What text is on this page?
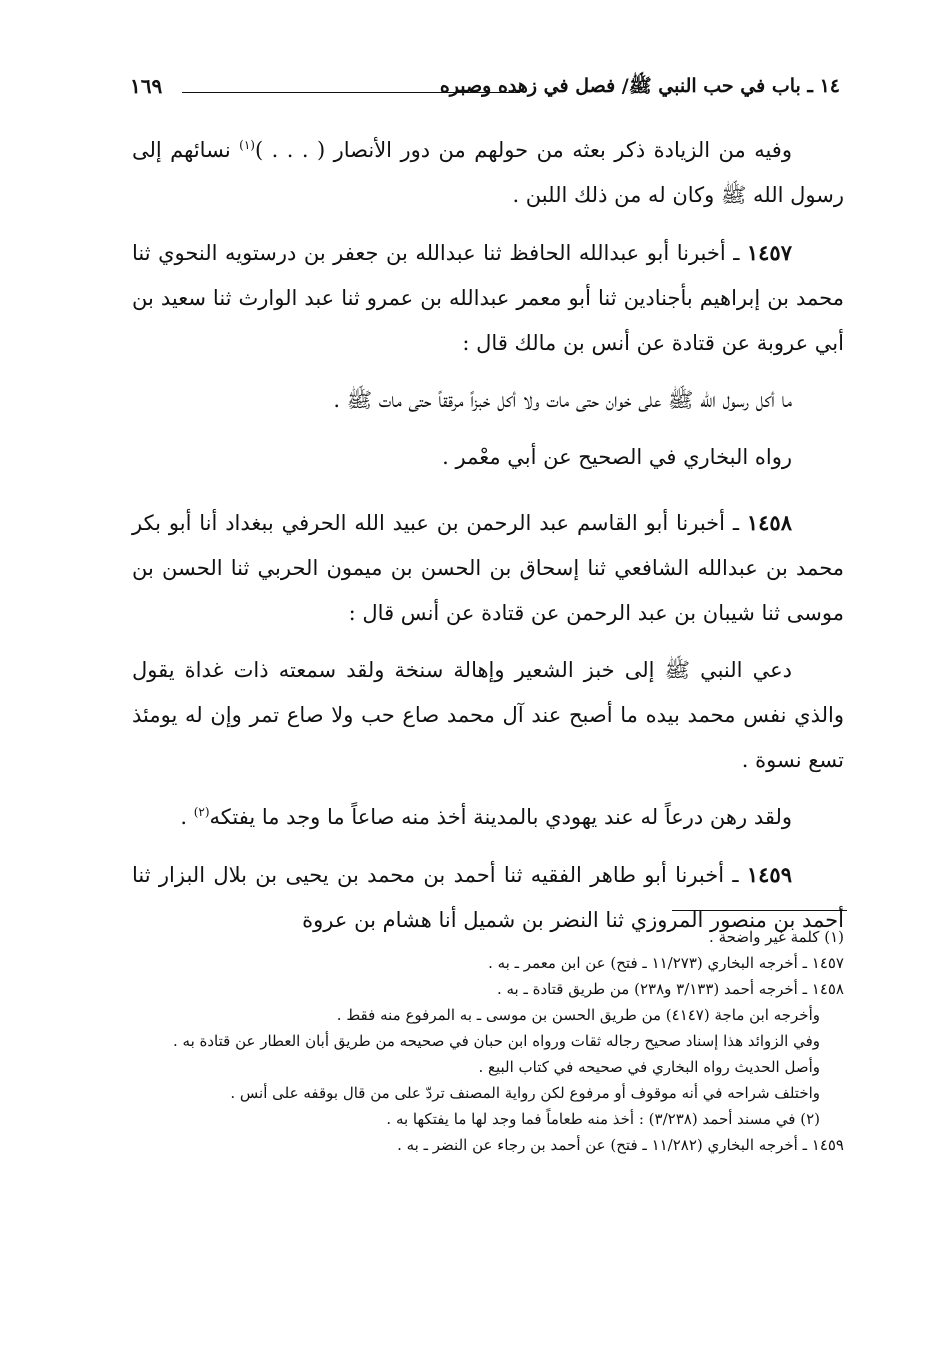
١٤ ـ باب في حب النبي ﷺ/ فصل في زهده وصبره
١٦٩

وفيه من الزيادة ذكر بعثه من حولهم من دور الأنصار ( . . . )$^{(١)}$ نسائهم إلى رسول الله ﷺ وكان له من ذلك اللبن .

١٤٥٧ ـ أخبرنا أبو عبدالله الحافظ ثنا عبدالله بن جعفر بن درستويه النحوي ثنا محمد بن إبراهيم بأجنادين ثنا أبو معمر عبدالله بن عمرو ثنا عبد الوارث ثنا سعيد بن أبي عروبة عن قتادة عن أنس بن مالك قال :

ما أكل رسول الله ﷺ على خوان حتى مات ولا أكل خبزاً مرققاً حتى مات ﷺ .

رواه البخاري في الصحيح عن أبي معْمر .

١٤٥٨ ـ أخبرنا أبو القاسم عبد الرحمن بن عبيد الله الحرفي ببغداد أنا أبو بكر محمد بن عبدالله الشافعي ثنا إسحاق بن الحسن بن ميمون الحربي ثنا الحسن بن موسى ثنا شيبان بن عبد الرحمن عن قتادة عن أنس قال :

دعي النبي ﷺ إلى خبز الشعير وإهالة سنخة ولقد سمعته ذات غداة يقول والذي نفس محمد بيده ما أصبح عند آل محمد صاع حب ولا صاع تمر وإن له يومئذ تسع نسوة .

ولقد رهن درعاً له عند يهودي بالمدينة أخذ منه صاعاً ما وجد ما يفتكه$^{(٢)}$ .

١٤٥٩ ـ أخبرنا أبو طاهر الفقيه ثنا أحمد بن محمد بن يحيى بن بلال البزار ثنا أحمد بن منصور المروزي ثنا النضر بن شميل أنا هشام بن عروة

(١) كلمة غير واضحة .

١٤٥٧ ـ أخرجه البخاري (١١/٢٧٣ ـ فتح) عن ابن معمر ـ به .

١٤٥٨ ـ أخرجه أحمد (٣/١٣٣ و٢٣٨) من طريق قتادة ـ به .

وأخرجه ابن ماجة (٤١٤٧) من طريق الحسن بن موسى ـ به المرفوع منه فقط .

وفي الزوائد هذا إسناد صحيح رجاله ثقات ورواه ابن حبان في صحيحه من طريق أبان العطار عن قتادة به .

وأصل الحديث رواه البخاري في صحيحه في كتاب البيع .

واختلف شراحه في أنه موقوف أو مرفوع لكن رواية المصنف تردّ على من قال بوقفه على أنس .

(٢) في مسند أحمد (٣/٢٣٨) : أخذ منه طعاماً فما وجد لها ما يفتكها به .

١٤٥٩ ـ أخرجه البخاري (١١/٢٨٢ ـ فتح) عن أحمد بن رجاء عن النضر ـ به .
